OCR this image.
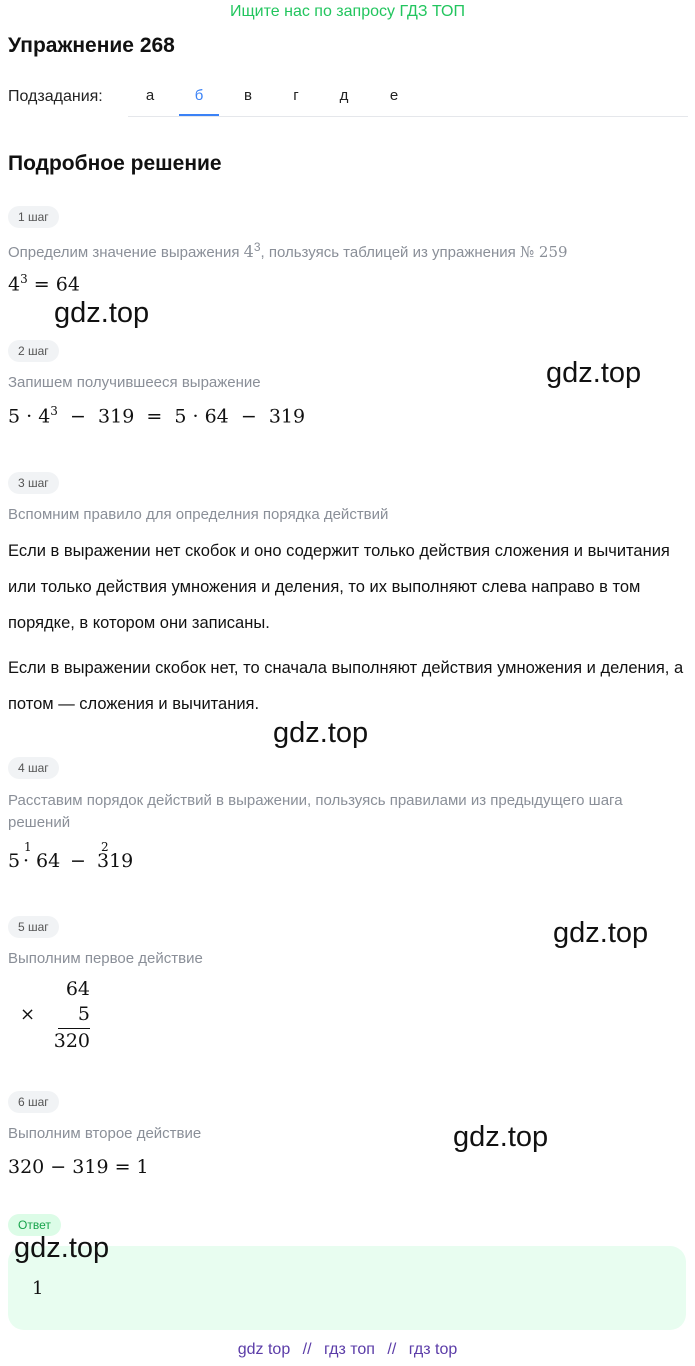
Ищите нас по запросу ГДЗ ТОП
Упражнение 268
Подзадания:	а	б	в	г	д	е
Подробное решение
1 шаг
Определим значение выражения $4^3$, пользуясь таблицей из упражнения № 259
$4^3 = 64$
2 шаг
Запишем получившееся выражение
$5 \cdot 4^3 - 319 = 5 \cdot 64 - 319$
3 шаг
Вспомним правило для определния порядка действий
Если в выражении нет скобок и оно содержит только действия сложения и вычитания или только действия умножения и деления, то их выполняют слева направо в том порядке, в котором они записаны.
Если в выражении скобок нет, то сначала выполняют действия умножения и деления, а потом — сложения и вычитания.
4 шаг
Расставим порядок действий в выражении, пользуясь правилами из предыдущего шага решений
5 ·
1
64 −
2
319
5 шаг
Выполним первое действие
64
× 5
320
6 шаг
Выполним второе действие
320 − 319 = 1
Ответ
1
gdz.top
gdz.top
gdz.top
gdz.top
gdz.top
gdz.top
gdz top // гдз топ // гдз top
